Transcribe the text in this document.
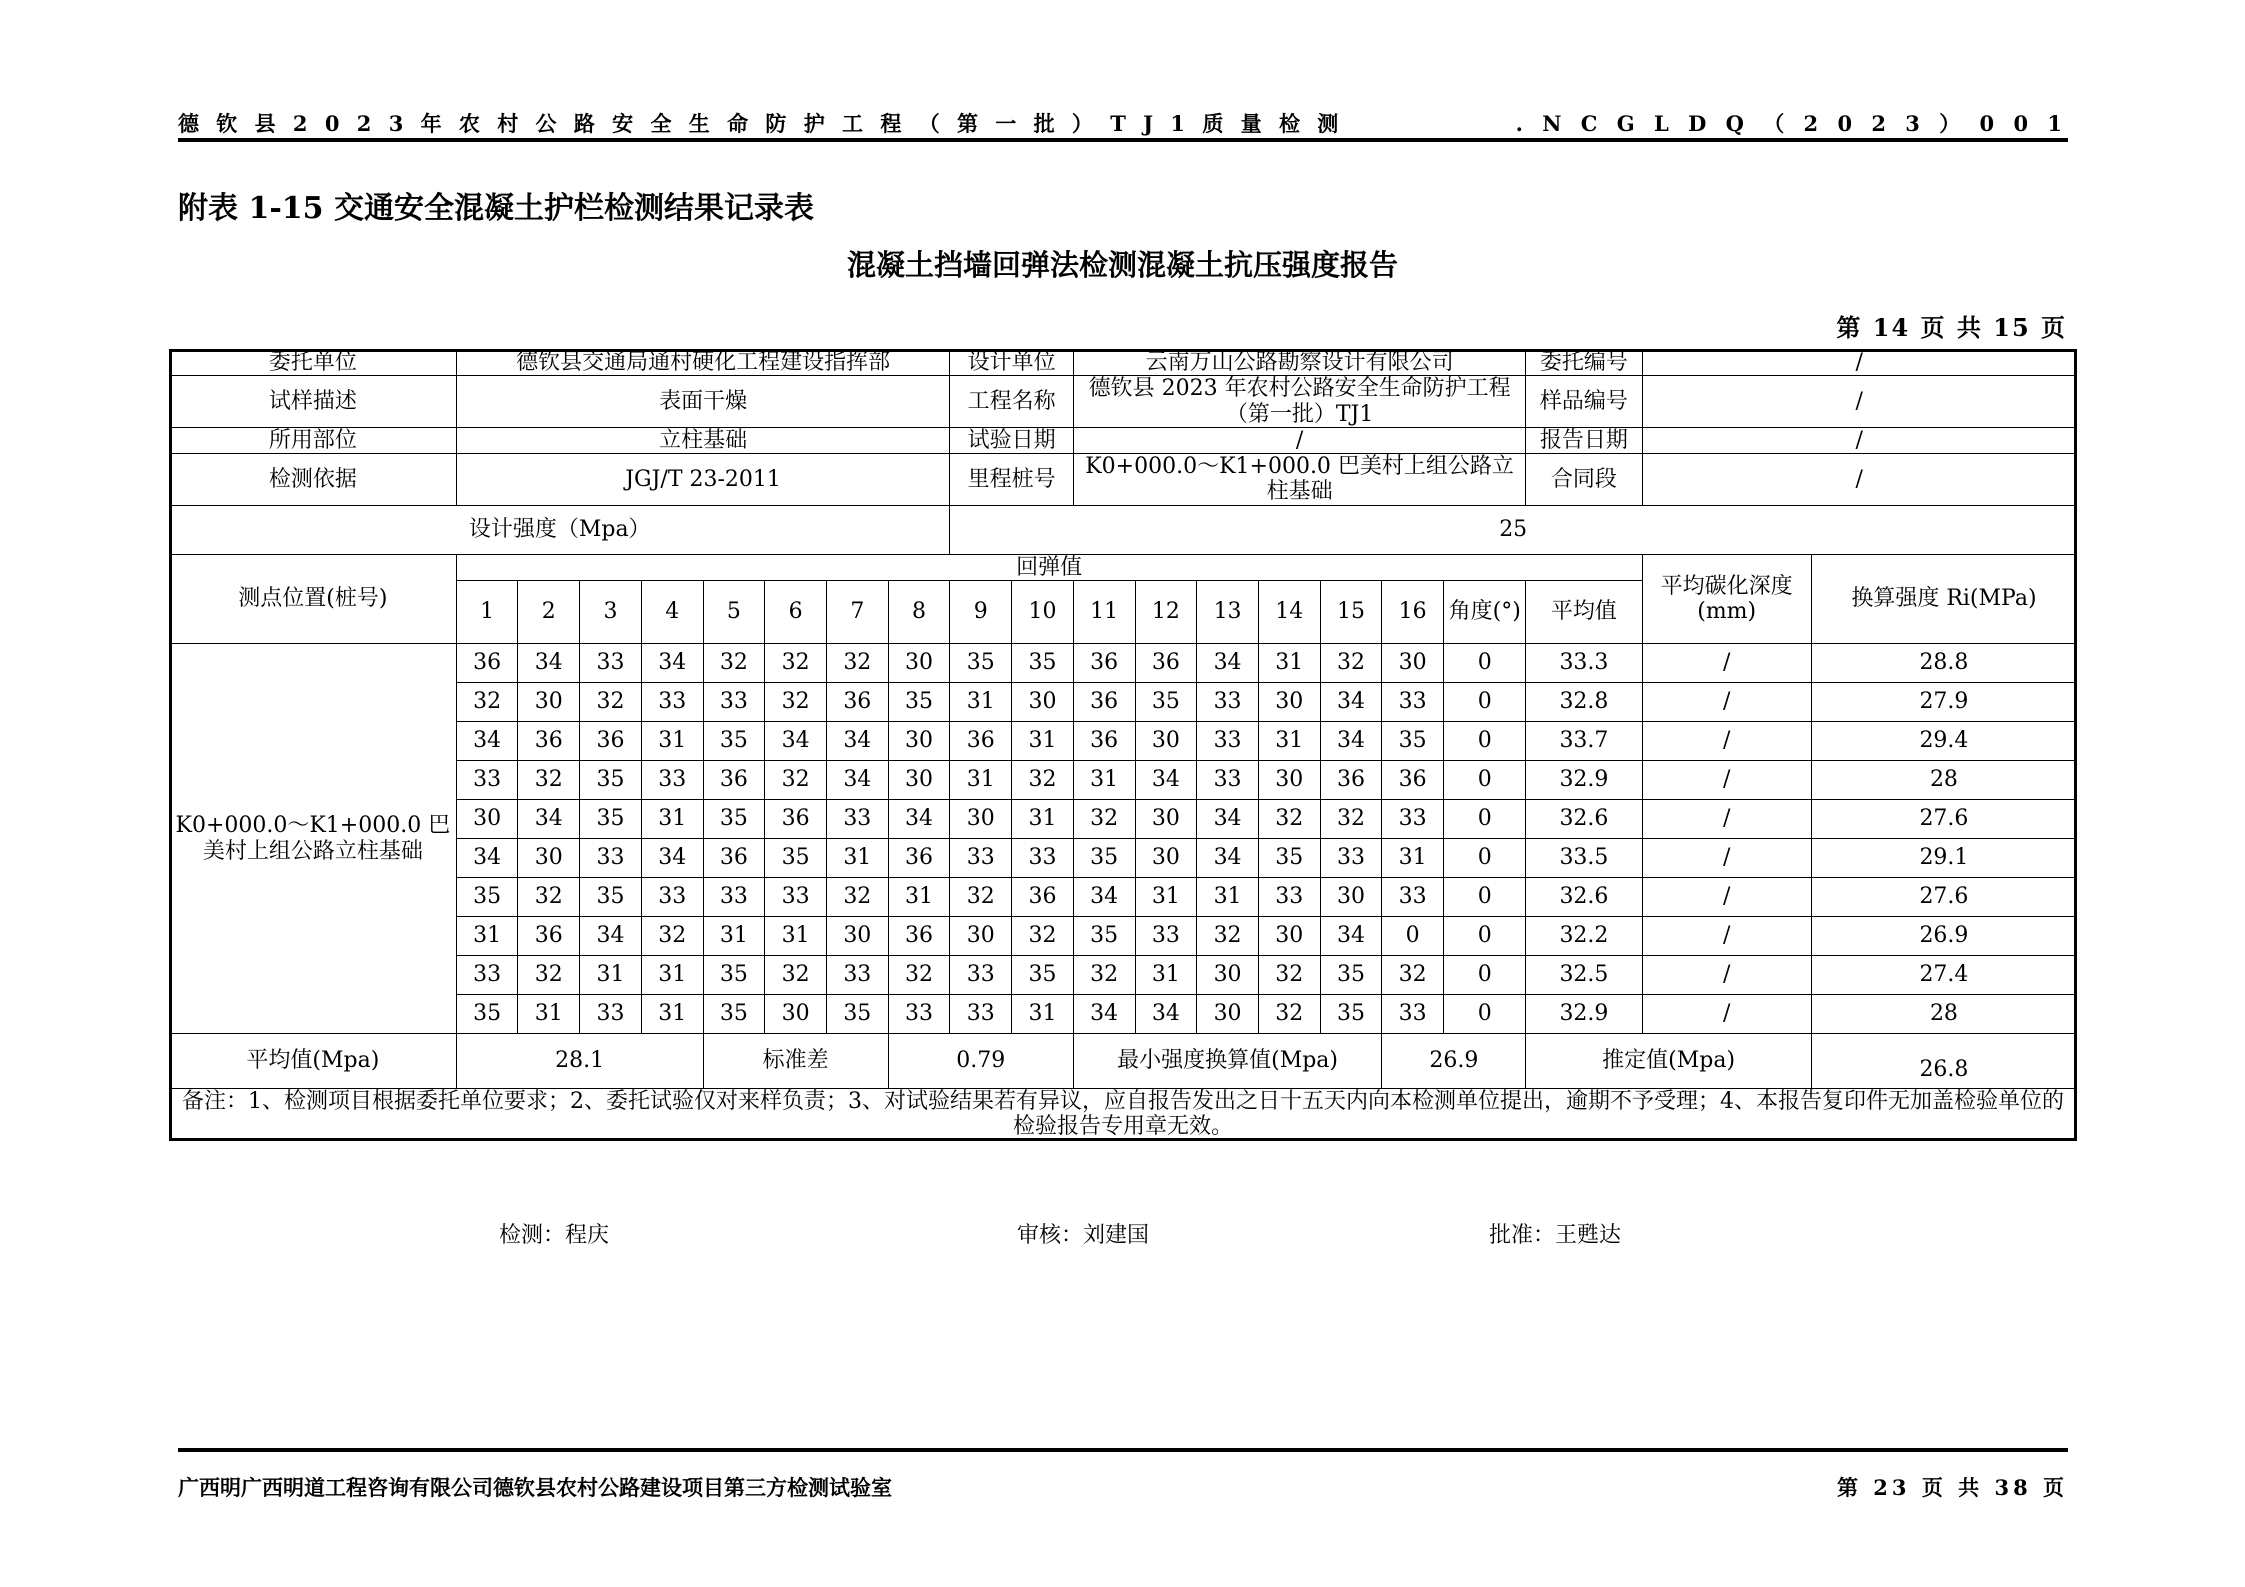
德 钦 县 2 0 2 3 年 农 村 公 路 安 全 生 命 防 护 工 程 （ 第 一 批 ） T J 1 质 量 检 测	. N C G L D Q （ 2 0 2 3 ） 0 0 1
附表 1-15 交通安全混凝土护栏检测结果记录表
混凝土挡墙回弹法检测混凝土抗压强度报告
第 14 页 共 15 页
委托单位	德钦县交通局通村硬化工程建设指挥部								设计单位		云南万山公路勘察设计有限公司							委托编号	/	
试样描述	表面干燥								工程名称		德钦县 2023 年农村公路安全生命防护工程（第一批）TJ1							样品编号	/	
所用部位	立柱基础								试验日期		/							报告日期	/	
检测依据	JGJ/T 23-2011								里程桩号		K0+000.0～K1+000.0 巴美村上组公路立柱基础							合同段	/	
设计强度（Mpa）									25											
测点位置(桩号)	回弹值																		平均碳化深度(mm)	换算强度 Ri(MPa)
	1	2	3	4	5	6	7	8	9	10	11	12	13	14	15	16	角度(°)	平均值		
K0+000.0～K1+000.0 巴美村上组公路立柱基础	36	34	33	34	32	32	32	30	35	35	36	36	34	31	32	30	0	33.3	/	28.8
	32	30	32	33	33	32	36	35	31	30	36	35	33	30	34	33	0	32.8	/	27.9
	34	36	36	31	35	34	34	30	36	31	36	30	33	31	34	35	0	33.7	/	29.4
	33	32	35	33	36	32	34	30	31	32	31	34	33	30	36	36	0	32.9	/	28
	30	34	35	31	35	36	33	34	30	31	32	30	34	32	32	33	0	32.6	/	27.6
	34	30	33	34	36	35	31	36	33	33	35	30	34	35	33	31	0	33.5	/	29.1
	35	32	35	33	33	33	32	31	32	36	34	31	31	33	30	33	0	32.6	/	27.6
	31	36	34	32	31	31	30	36	30	32	35	33	32	30	34	0	0	32.2	/	26.9
	33	32	31	31	35	32	33	32	33	35	32	31	30	32	35	32	0	32.5	/	27.4
	35	31	33	31	35	30	35	33	33	31	34	34	30	32	35	33	0	32.9	/	28
平均值(Mpa)	28.1				标准差			0.79			最小强度换算值(Mpa)					26.9		推定值(Mpa)		26.8
备注：1、检测项目根据委托单位要求；2、委托试验仅对来样负责；3、对试验结果若有异议，应自报告发出之日十五天内向本检测单位提出，逾期不予受理；4、本报告复印件无加盖检验单位的检验报告专用章无效。																				
检测：程庆	审核：刘建国	批准：王甦达
广西明广西明道工程咨询有限公司德钦县农村公路建设项目第三方检测试验室	第 23 页 共 38 页
